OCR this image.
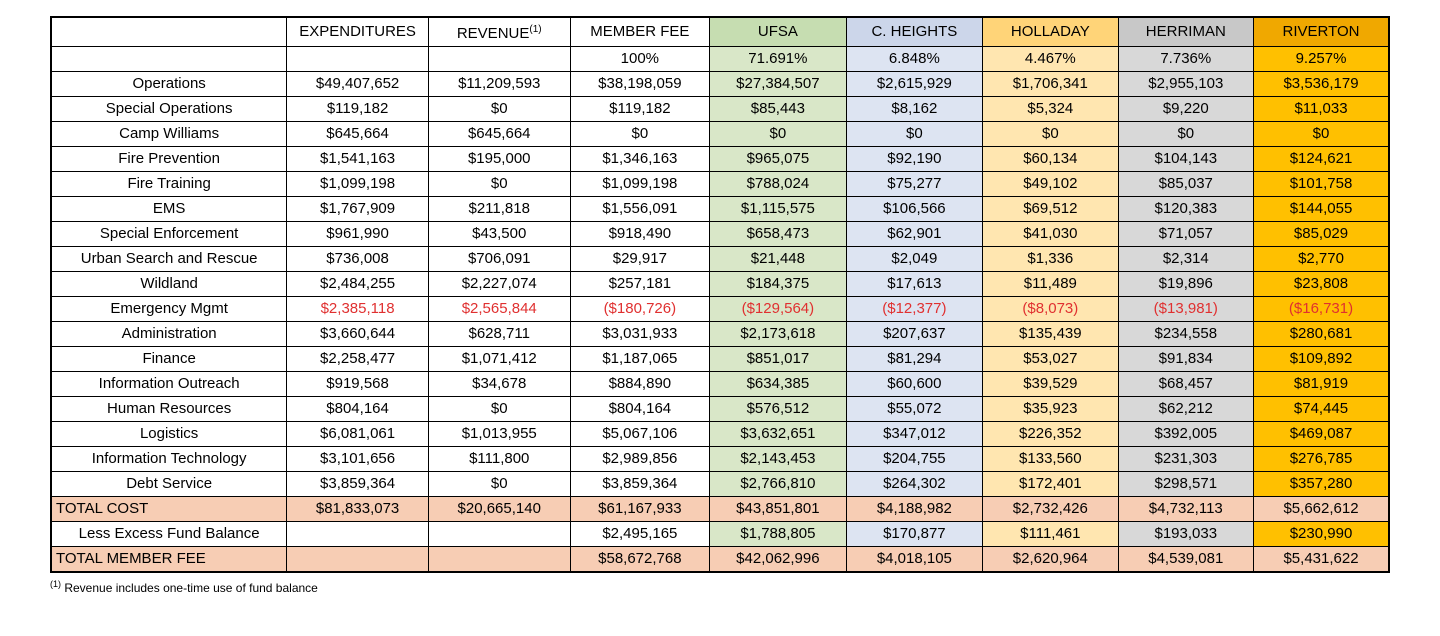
	EXPENDITURES	REVENUE$^{(1)}$	MEMBER FEE	UFSA	C. HEIGHTS	HOLLADAY	HERRIMAN	RIVERTON
			100%	71.691%	6.848%	4.467%	7.736%	9.257%
Operations	$49,407,652	$11,209,593	$38,198,059	$27,384,507	$2,615,929	$1,706,341	$2,955,103	$3,536,179
Special Operations	$119,182	$0	$119,182	$85,443	$8,162	$5,324	$9,220	$11,033
Camp Williams	$645,664	$645,664	$0	$0	$0	$0	$0	$0
Fire Prevention	$1,541,163	$195,000	$1,346,163	$965,075	$92,190	$60,134	$104,143	$124,621
Fire Training	$1,099,198	$0	$1,099,198	$788,024	$75,277	$49,102	$85,037	$101,758
EMS	$1,767,909	$211,818	$1,556,091	$1,115,575	$106,566	$69,512	$120,383	$144,055
Special Enforcement	$961,990	$43,500	$918,490	$658,473	$62,901	$41,030	$71,057	$85,029
Urban Search and Rescue	$736,008	$706,091	$29,917	$21,448	$2,049	$1,336	$2,314	$2,770
Wildland	$2,484,255	$2,227,074	$257,181	$184,375	$17,613	$11,489	$19,896	$23,808
Emergency Mgmt	$2,385,118	$2,565,844	($180,726)	($129,564)	($12,377)	($8,073)	($13,981)	($16,731)
Administration	$3,660,644	$628,711	$3,031,933	$2,173,618	$207,637	$135,439	$234,558	$280,681
Finance	$2,258,477	$1,071,412	$1,187,065	$851,017	$81,294	$53,027	$91,834	$109,892
Information Outreach	$919,568	$34,678	$884,890	$634,385	$60,600	$39,529	$68,457	$81,919
Human Resources	$804,164	$0	$804,164	$576,512	$55,072	$35,923	$62,212	$74,445
Logistics	$6,081,061	$1,013,955	$5,067,106	$3,632,651	$347,012	$226,352	$392,005	$469,087
Information Technology	$3,101,656	$111,800	$2,989,856	$2,143,453	$204,755	$133,560	$231,303	$276,785
Debt Service	$3,859,364	$0	$3,859,364	$2,766,810	$264,302	$172,401	$298,571	$357,280
TOTAL COST	$81,833,073	$20,665,140	$61,167,933	$43,851,801	$4,188,982	$2,732,426	$4,732,113	$5,662,612
Less Excess Fund Balance			$2,495,165	$1,788,805	$170,877	$111,461	$193,033	$230,990
TOTAL MEMBER FEE			$58,672,768	$42,062,996	$4,018,105	$2,620,964	$4,539,081	$5,431,622
$^{(1)}$ Revenue includes one-time use of fund balance
